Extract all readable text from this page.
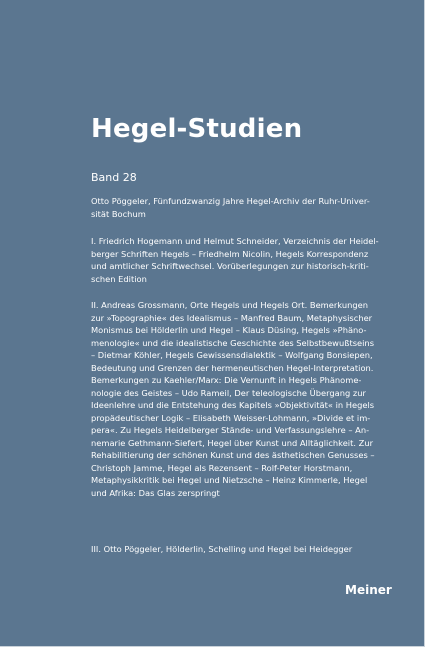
Hegel-Studien
Band 28

Otto Pöggeler, Fünfundzwanzig Jahre Hegel-Archiv der Ruhr-Univer-
sität Bochum

I. Friedrich Hogemann und Helmut Schneider, Verzeichnis der Heidel-
berger Schriften Hegels – Friedhelm Nicolin, Hegels Korrespondenz
und amtlicher Schriftwechsel. Vorüberlegungen zur historisch-kriti-
schen Edition

II. Andreas Grossmann, Orte Hegels und Hegels Ort. Bemerkungen
zur »Topographie« des Idealismus – Manfred Baum, Metaphysischer
Monismus bei Hölderlin und Hegel – Klaus Düsing, Hegels »Phäno-
menologie« und die idealistische Geschichte des Selbstbewußtseins
– Dietmar Köhler, Hegels Gewissensdialektik – Wolfgang Bonsiepen,
Bedeutung und Grenzen der hermeneutischen Hegel-Interpretation.
Bemerkungen zu Kaehler/Marx: Die Vernunft in Hegels Phänome-
nologie des Geistes – Udo Rameil, Der teleologische Übergang zur
Ideenlehre und die Entstehung des Kapitels »Objektivität« in Hegels
propädeutischer Logik – Elisabeth Weisser-Lohmann, »Divide et im-
pera«. Zu Hegels Heidelberger Stände- und Verfassungslehre – An-
nemarie Gethmann-Siefert, Hegel über Kunst und Alltäglichkeit. Zur
Rehabilitierung der schönen Kunst und des ästhetischen Genusses –
Christoph Jamme, Hegel als Rezensent – Rolf-Peter Horstmann,
Metaphysikkritik bei Hegel und Nietzsche – Heinz Kimmerle, Hegel
und Afrika: Das Glas zerspringt

III. Otto Pöggeler, Hölderlin, Schelling und Hegel bei Heidegger

Meiner
